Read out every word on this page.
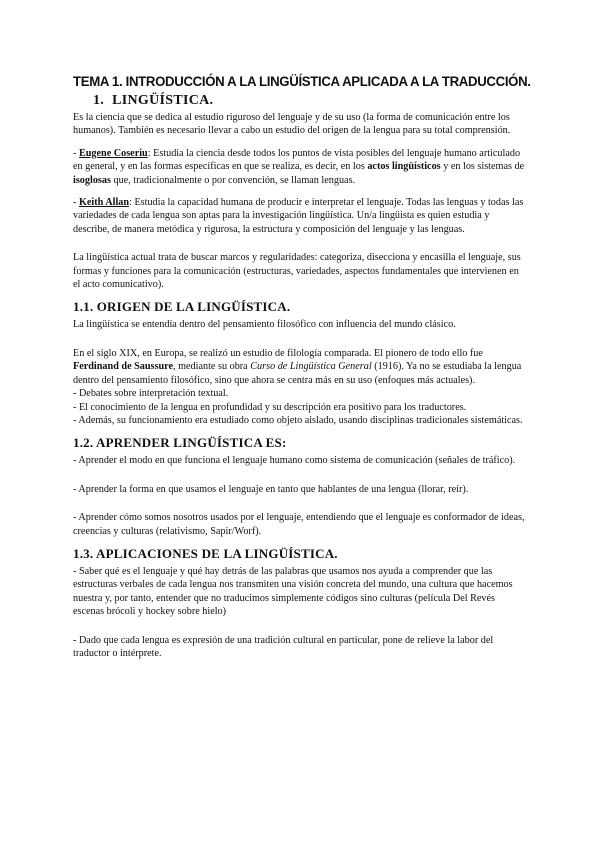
TEMA 1. INTRODUCCIÓN A LA LINGÜÍSTICA APLICADA A LA TRADUCCIÓN.
1. LINGÜÍSTICA.

Es la ciencia que se dedica al estudio riguroso del lenguaje y de su uso (la forma de comunicación entre los humanos). También es necesario llevar a cabo un estudio del origen de la lengua para su total comprensión.

- Eugene Coseriu: Estudia la ciencia desde todos los puntos de vista posibles del lenguaje humano articulado en general, y en las formas específicas en que se realiza, es decir, en los actos lingüísticos y en los sistemas de isoglosas que, tradicionalmente o por convención, se llaman lenguas.

- Keith Allan: Estudia la capacidad humana de producir e interpretar el lenguaje. Todas las lenguas y todas las variedades de cada lengua son aptas para la investigación lingüística. Un/a lingüista es quien estudia y describe, de manera metódica y rigurosa, la estructura y composición del lenguaje y las lenguas.

La lingüística actual trata de buscar marcos y regularidades: categoriza, disecciona y encasilla el lenguaje, sus formas y funciones para la comunicación (estructuras, variedades, aspectos fundamentales que intervienen en el acto comunicativo).

1.1. ORIGEN DE LA LINGÜÍSTICA.

La lingüística se entendía dentro del pensamiento filosófico con influencia del mundo clásico.

En el siglo XIX, en Europa, se realizó un estudio de filología comparada. El pionero de todo ello fue Ferdinand de Saussure, mediante su obra Curso de Lingüística General (1916). Ya no se estudiaba la lengua dentro del pensamiento filosófico, sino que ahora se centra más en su uso (enfoques más actuales).

- Debates sobre interpretación textual.

- El conocimiento de la lengua en profundidad y su descripción era positivo para los traductores.

- Además, su funcionamiento era estudiado como objeto aislado, usando disciplinas tradicionales sistemáticas.

1.2. APRENDER LINGÜÍSTICA ES:

- Aprender el modo en que funciona el lenguaje humano como sistema de comunicación (señales de tráfico).

- Aprender la forma en que usamos el lenguaje en tanto que hablantes de una lengua (llorar, reír).

- Aprender cómo somos nosotros usados por el lenguaje, entendiendo que el lenguaje es conformador de ideas, creencias y culturas (relativismo, Sapir/Worf).

1.3. APLICACIONES DE LA LINGÜÍSTICA.

- Saber qué es el lenguaje y qué hay detrás de las palabras que usamos nos ayuda a comprender que las estructuras verbales de cada lengua nos transmiten una visión concreta del mundo, una cultura que hacemos nuestra y, por tanto, entender que no traducimos simplemente códigos sino culturas (película Del Revés escenas brócoli y hockey sobre hielo)

- Dado que cada lengua es expresión de una tradición cultural en particular, pone de relieve la labor del traductor o intérprete.
